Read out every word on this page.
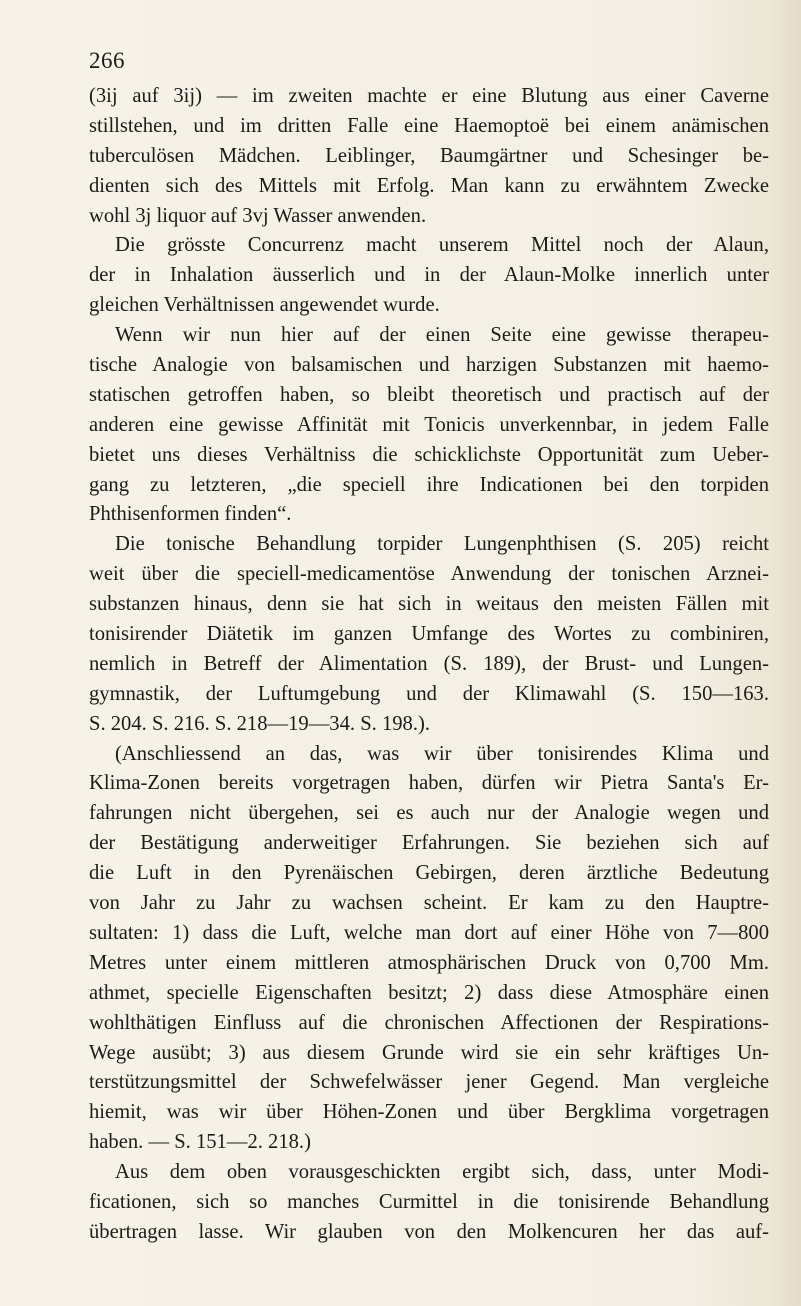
266
(3ij auf 3ij) — im zweiten machte er eine Blutung aus einer Caverne
stillstehen, und im dritten Falle eine Haemoptoë bei einem anämischen
tuberculösen Mädchen. Leiblinger, Baumgärtner und Schesinger be-
dienten sich des Mittels mit Erfolg. Man kann zu erwähntem Zwecke
wohl 3j liquor auf 3vj Wasser anwenden.
Die grösste Concurrenz macht unserem Mittel noch der Alaun,
der in Inhalation äusserlich und in der Alaun-Molke innerlich unter
gleichen Verhältnissen angewendet wurde.
Wenn wir nun hier auf der einen Seite eine gewisse therapeu-
tische Analogie von balsamischen und harzigen Substanzen mit haemo-
statischen getroffen haben, so bleibt theoretisch und practisch auf der
anderen eine gewisse Affinität mit Tonicis unverkennbar, in jedem Falle
bietet uns dieses Verhältniss die schicklichste Opportunität zum Ueber-
gang zu letzteren, „die speciell ihre Indicationen bei den torpiden
Phthisenformen finden“.
Die tonische Behandlung torpider Lungenphthisen (S. 205) reicht
weit über die speciell-medicamentöse Anwendung der tonischen Arznei-
substanzen hinaus, denn sie hat sich in weitaus den meisten Fällen mit
tonisirender Diätetik im ganzen Umfange des Wortes zu combiniren,
nemlich in Betreff der Alimentation (S. 189), der Brust- und Lungen-
gymnastik, der Luftumgebung und der Klimawahl (S. 150—163.
S. 204. S. 216. S. 218—19—34. S. 198.).
(Anschliessend an das, was wir über tonisirendes Klima und
Klima-Zonen bereits vorgetragen haben, dürfen wir Pietra Santa's Er-
fahrungen nicht übergehen, sei es auch nur der Analogie wegen und
der Bestätigung anderweitiger Erfahrungen. Sie beziehen sich auf
die Luft in den Pyrenäischen Gebirgen, deren ärztliche Bedeutung
von Jahr zu Jahr zu wachsen scheint. Er kam zu den Hauptre-
sultaten: 1) dass die Luft, welche man dort auf einer Höhe von 7—800
Metres unter einem mittleren atmosphärischen Druck von 0,700 Mm.
athmet, specielle Eigenschaften besitzt; 2) dass diese Atmosphäre einen
wohlthätigen Einfluss auf die chronischen Affectionen der Respirations-
Wege ausübt; 3) aus diesem Grunde wird sie ein sehr kräftiges Un-
terstützungsmittel der Schwefelwässer jener Gegend. Man vergleiche
hiemit, was wir über Höhen-Zonen und über Bergklima vorgetragen
haben. — S. 151—2. 218.)
Aus dem oben vorausgeschickten ergibt sich, dass, unter Modi-
ficationen, sich so manches Curmittel in die tonisirende Behandlung
übertragen lasse. Wir glauben von den Molkencuren her das auf-
